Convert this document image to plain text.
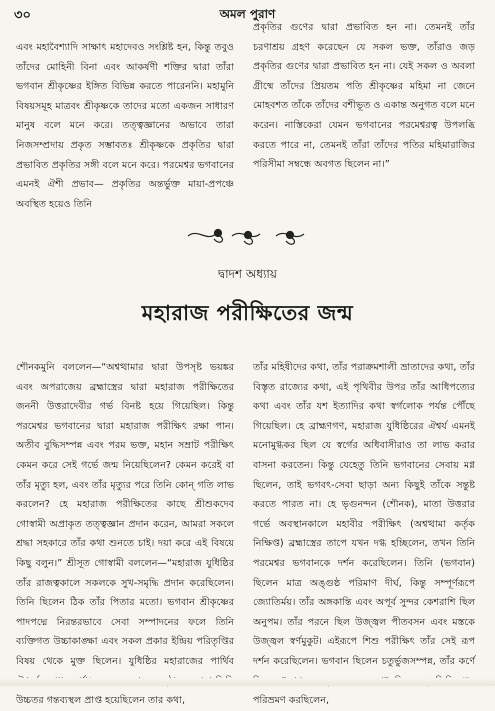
৩০	অমল পুরাণ

এবং মহাবৈশ্যাদি সাক্ষাৎ মহাদেবও সংশ্লিষ্ট হন, কিন্তু তবুও তাঁদের মোহিনী বিনা এবং আকর্ষণী শক্তির দ্বারা তাঁরা ভগবান শ্রীকৃষ্ণের ইঙ্গিত বিভিন্ন করতে পারেননি। মহামুনি বিষয়সমূহ মাত্রবং শ্রীকৃষ্ণকে তাদের মতো একজন সাধারণ মানুষ বলে মনে করে। তত্ত্বজ্ঞানের অভাবে তারা নিজসম্প্রদায় প্রকৃত সম্ভাবতঃ শ্রীকৃষ্ণকে প্রকৃতির দ্বারা প্রভাবিত প্রকৃতির সঙ্গী বলে মনে করে। পরমেশ্বর ভগবানের এমনই ঐশী প্রভাব— প্রকৃতির অন্তর্ভুক্ত মায়া-প্রপঞ্চে অবস্থিত হয়েও তিনি

প্রকৃতির গুণের দ্বারা প্রভাবিত হন না। তেমনই তাঁর চরণাশ্রয় গ্রহণ করেছেন যে সকল ভক্ত, তাঁরাও জড় প্রকৃতির গুণের দ্বারা প্রভাবিত হন না। যেই সকল ও অবলা গ্রীষ্মে তাঁদের প্রিয়তম পতি শ্রীকৃষ্ণের মহিমা না জেনে মোহবশত তাঁকে তাঁদের বশীভূত ও একান্ত অনুগত বলে মনে করেন। নাস্তিকেরা যেমন ভগবানের পরমেশ্বরত্ব উপলব্ধি করতে পারে না, তেমনই তাঁরা তাঁদের পতির মহিমারাজির পরিসীমা সম্বন্ধে অবগত ছিলেন না।”

দ্বাদশ অধ্যায়
মহারাজ পরীক্ষিতের জন্ম

শৌনকমুনি বললেন—“অশ্বত্থামার দ্বারা উপসৃষ্ট ভয়ঙ্কর এবং অপরাজেয় ব্রহ্মাস্ত্রের দ্বারা মহারাজ পরীক্ষিতের জননী উত্তরাদেবীর গর্ভ বিনষ্ট হয়ে গিয়েছিল। কিন্তু পরমেশ্বর ভগবানের দ্বারা মহারাজ পরীক্ষিৎ রক্ষা পান। অতীব বুদ্ধিসম্পন্ন এবং পরম ভক্ত, মহান সম্রাট পরীক্ষিৎ কেমন করে সেই গর্ভে জন্ম নিয়েছিলেন? কেমন করেই বা তাঁর মৃত্যু হল, এবং তাঁর মৃত্যুর পরে তিনি কোন্ গতি লাভ করলেন? হে মহারাজ পরীক্ষিতের কাছে শ্রীশুকদেব গোস্বামী অপ্রাকৃত তত্ত্বজ্ঞান প্রদান করেন, আমরা সকলে শ্রদ্ধা সহকারে তাঁর কথা শুনতে চাই। দয়া করে এই বিষয়ে কিছু বলুন।” শ্রীসূত গোস্বামী বললেন—“মহারাজ যুধিষ্ঠির তাঁর রাজত্বকালে সকলকে সুখ-সমৃদ্ধি প্রদান করেছিলেন। তিনি ছিলেন ঠিক তাঁর পিতার মতো। ভগবান শ্রীকৃষ্ণের পাদপদ্মে নিরন্তরভাবে সেবা সম্পাদনের ফলে তিনি ব্যক্তিগত উচ্চাকাঙ্ক্ষা এবং সকল প্রকার ইন্দ্রিয় পরিতৃপ্তির বিষয় থেকে মুক্ত ছিলেন। যুধিষ্ঠির মহারাজের পার্থিব উচ্চতর গন্তব্যস্থল প্রাপ্ত হয়েছিলেন তার কথা,

তাঁর মহিষীদের কথা, তাঁর পরাক্রমশালী ভ্রাতাদের কথা, তাঁর বিস্তৃত রাজ্যের কথা, এই পৃথিবীর উপর তাঁর আধিপত্যের কথা এবং তাঁর যশ ইত্যাদির কথা স্বর্গলোক পর্যন্ত পৌঁছে গিয়েছিল। হে ব্রাহ্মণগণ, মহারাজ যুধিষ্ঠিরের ঐশ্বর্য এমনই মনোমুগ্ধকর ছিল যে স্বর্গের অধিবাসীরাও তা লাভ করার বাসনা করতেন। কিন্তু যেহেতু তিনি ভগবানের সেবায় মগ্ন ছিলেন, তাই ভগবৎ-সেবা ছাড়া অন্য কিছুই তাঁকে সন্তুষ্ট করতে পারত না। হে ভৃগুনন্দন (শৌনক), মাতা উত্তরার গর্ভে অবস্থানকালে মহাবীর পরীক্ষিৎ (অশ্বত্থামা কর্তৃক নিক্ষিপ্ত) ব্রহ্মাস্ত্রের তাপে যখন দগ্ধ হচ্ছিলেন, তখন তিনি পরমেশ্বর ভগবানকে দর্শন করেছিলেন। তিনি (ভগবান) ছিলেন মাত্র অঙ্গুষ্ঠ পরিমাণ দীর্ঘ, কিন্তু সম্পূর্ণরূপে জ্যোতির্ময়। তাঁর অঙ্গকান্তি এবং অপূর্ব সুন্দর কেশরাশি ছিল অনুপম। তাঁর পরনে ছিল উজ্জ্বল পীতবসন এবং মস্তকে উজ্জ্বল স্বর্ণমুকুট। এইরূপে শিশু পরীক্ষিৎ তাঁর সেই রূপ দর্শন করেছিলেন। ভগবান ছিলেন চতুর্ভুজসম্পন্ন, তাঁর কর্ণে পরিভ্রমণ করছিলেন,
